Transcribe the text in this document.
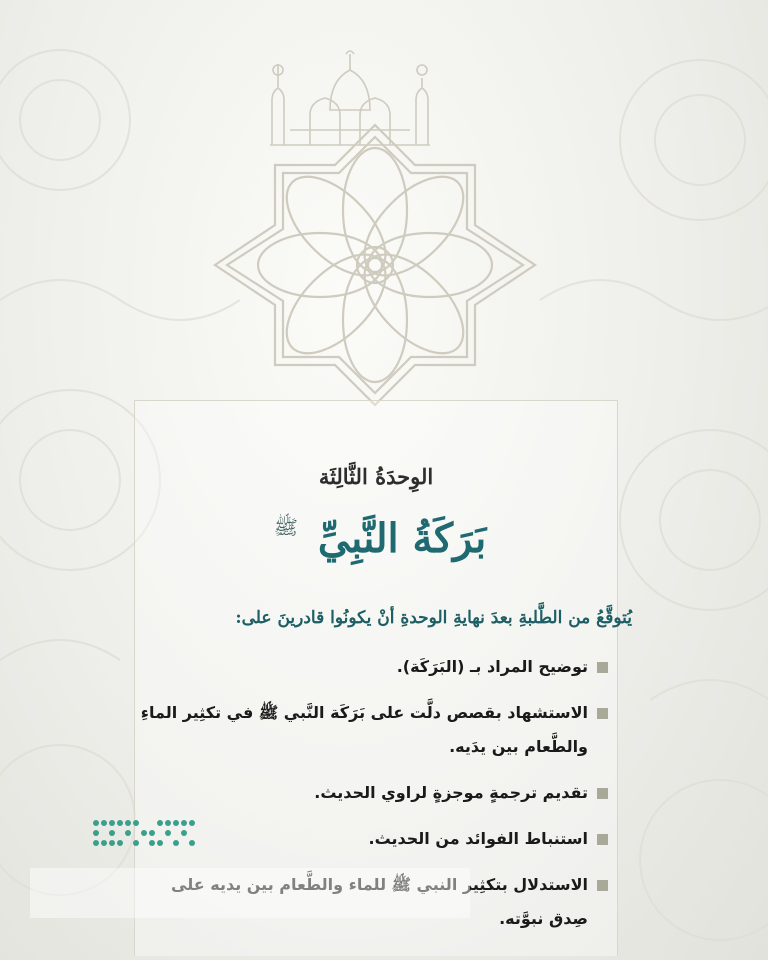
الوِحدَةُ الثَّالِثَة
بَرَكَةُ النَّبِيِّ $^ﷺ$
يُتوقَّعُ من الطَّلبةِ بعدَ نهايةِ الوحدةِ أنْ يكونُوا قادرينَ على:
توضيح المراد بـ (البَرَكَة).
الاستشهاد بقصص دلَّت على بَرَكَة النَّبي ﷺ في تكثِير الماءِ والطَّعام بين يدَيه.
تقديم ترجمةٍ موجزةٍ لراوي الحديث.
استنباط الفوائد من الحديث.
الاستدلال بتكثِير النبي ﷺ للماء والطَّعام بين يديه على صِدق نبوَّته.
